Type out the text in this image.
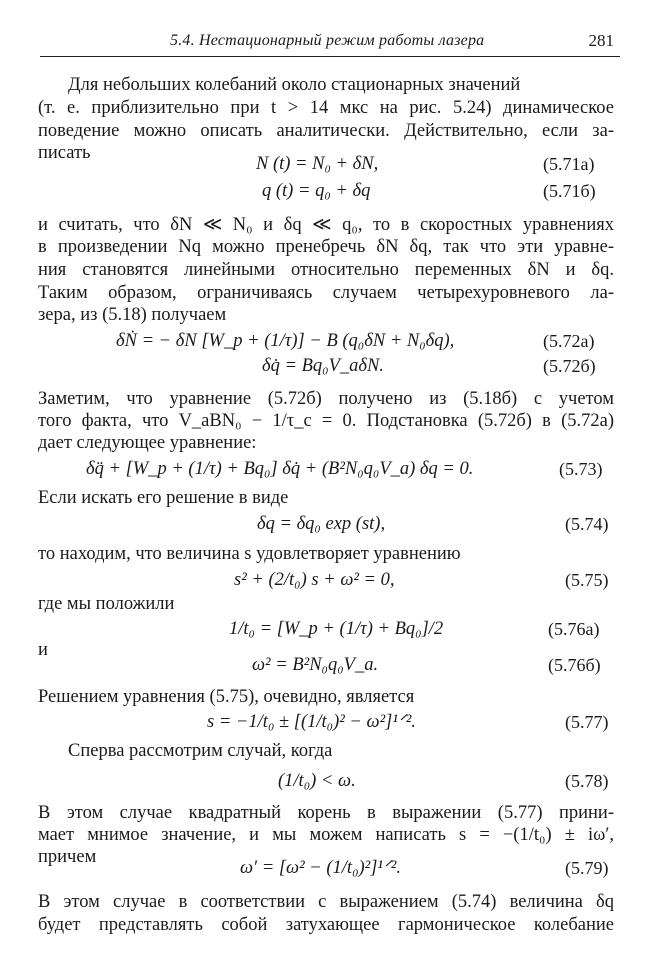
5.4. Нестационарный режим работы лазера	281
Для небольших колебаний около стационарных значений
(т. е. приблизительно при t > 14 мкс на рис. 5.24) динамическое
поведение можно описать аналитически. Действительно, если за-
писать
N (t) = N₀ + δN,	(5.71а)
q (t) = q₀ + δq	(5.71б)
и считать, что δN ≪ N₀ и δq ≪ q₀, то в скоростных уравнениях
в произведении Nq можно пренебречь δN δq, так что эти уравне-
ния становятся линейными относительно переменных δN и δq.
Таким образом, ограничиваясь случаем четырехуровневого ла-
зера, из (5.18) получаем
δṄ = − δN [W_p + (1/τ)] − B (q₀δN + N₀δq),	(5.72а)
δq̇ = Bq₀V_aδN.	(5.72б)
Заметим, что уравнение (5.72б) получено из (5.18б) с учетом
того факта, что V_aBN₀ − 1/τ_c = 0. Подстановка (5.72б) в (5.72а)
дает следующее уравнение:
δq̈ + [W_p + (1/τ) + Bq₀] δq̇ + (B²N₀q₀V_a) δq = 0.	(5.73)
Если искать его решение в виде
δq = δq₀ exp (st),	(5.74)
то находим, что величина s удовлетворяет уравнению
s² + (2/t₀) s + ω² = 0,	(5.75)
где мы положили
1/t₀ = [W_p + (1/τ) + Bq₀]/2	(5.76а)
и
ω² = B²N₀q₀V_a.	(5.76б)
Решением уравнения (5.75), очевидно, является
s = −1/t₀ ± [(1/t₀)² − ω²]¹ᐟ².	(5.77)
Сперва рассмотрим случай, когда
(1/t₀) < ω.	(5.78)
В этом случае квадратный корень в выражении (5.77) прини-
мает мнимое значение, и мы можем написать s = −(1/t₀) ± iω′,
причем
ω′ = [ω² − (1/t₀)²]¹ᐟ².	(5.79)
В этом случае в соответствии с выражением (5.74) величина δq
будет представлять собой затухающее гармоническое колебание
